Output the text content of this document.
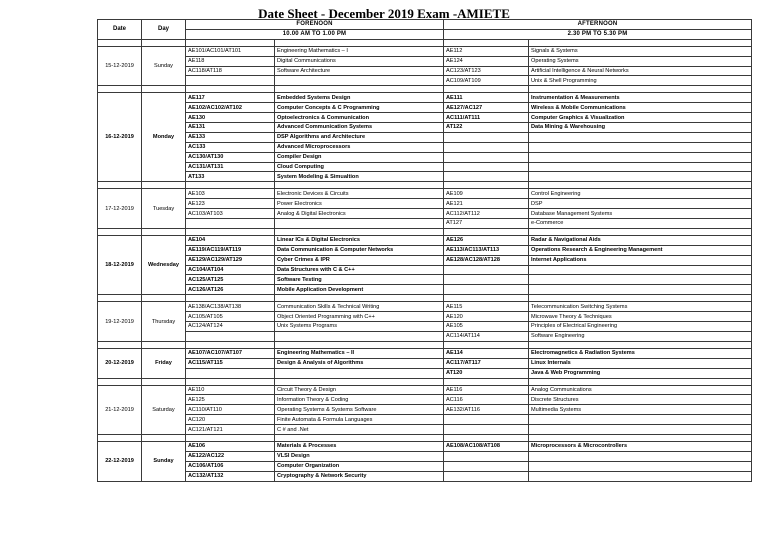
Date Sheet - December 2019 Exam -AMIETE
Date	Day	FORENOON		AFTERNOON	
		10.00 AM TO 1.00 PM		2.30 PM TO 5.30 PM	

15-12-2019	Sunday	AE101/AC101/AT101	Engineering Mathematics – I	AE112	Signals & Systems
		AE118	Digital Communications	AE124	Operating Systems
		AC118/AT118	Software Architecture	AC123/AT123	Artificial Intelligence & Neural Networks
				AC109/AT109	Unix & Shell Programming

16-12-2019	Monday	AE117	Embedded Systems Design	AE111	Instrumentation & Measurements
		AE102/AC102/AT102	Computer Concepts & C Programming	AE127/AC127	Wireless & Mobile Communications
		AE130	Optoelectronics & Communication	AC111/AT111	Computer Graphics & Visualization
		AE131	Advanced Communication Systems	AT122	Data Mining & Warehousing
		AE133	DSP Algorithms and Architecture		
		AC133	Advanced Microprocessors		
		AC130/AT130	Compiler Design		
		AC131/AT131	Cloud Computing		
		AT133	System Modeling & Simualtion		

17-12-2019	Tuesday	AE103	Electronic Devices & Circuits	AE109	Control Engineering
		AE123	Power Electronics	AE121	DSP
		AC103/AT103	Analog & Digital Electronics	AC112/AT112	Database Management Systems
				AT127	e-Commerce

18-12-2019	Wednesday	AE104	Linear ICs & Digital Electronics	AE126	Radar & Navigational Aids
		AE119/AC119/AT119	Data Communication & Computer Networks	AE113/AC113/AT113	Operations Research & Engineering Management
		AE129/AC129/AT129	Cyber Crimes & IPR	AE128/AC128/AT128	Internet Applications
		AC104/AT104	Data Structures with C & C++		
		AC125/AT125	Software Testing		
		AC126/AT126	Mobile Application Development		

19-12-2019	Thursday	AE138/AC138/AT138	Communication Skills & Technical Writing	AE115	Telecommunication Switching Systems
		AC105/AT105	Object Oriented Programming with C++	AE120	Microwave Theory & Techniques
		AC124/AT124	Unix Systems Programs	AE105	Principles of Electrical Engineering
				AC114/AT114	Software Engineering

20-12-2019	Friday	AE107/AC107/AT107	Engineering Mathematics – II	AE114	Electromagnetics & Radiation Systems
		AC115/AT115	Design & Analysis of Algorithms	AC117/AT117	Linux Internals
				AT120	Java & Web Programming

21-12-2019	Saturday	AE110	Circuit Theory & Design	AE116	Analog Communications
		AE125	Information Theory & Coding	AC116	Discrete Structures
		AC110/AT110	Operating Systems & Systems Software	AE132/AT116	Multimedia Systems
		AC120	Finite Automata & Formula Languages		
		AC121/AT121	C # and .Net		

22-12-2019	Sunday	AE106	Materials & Processes	AE108/AC108/AT108	Microprocessors & Microcontrollers
		AE122/AC122	VLSI Design		
		AC106/AT106	Computer Organization		
		AC132/AT132	Cryptography & Network Security		
